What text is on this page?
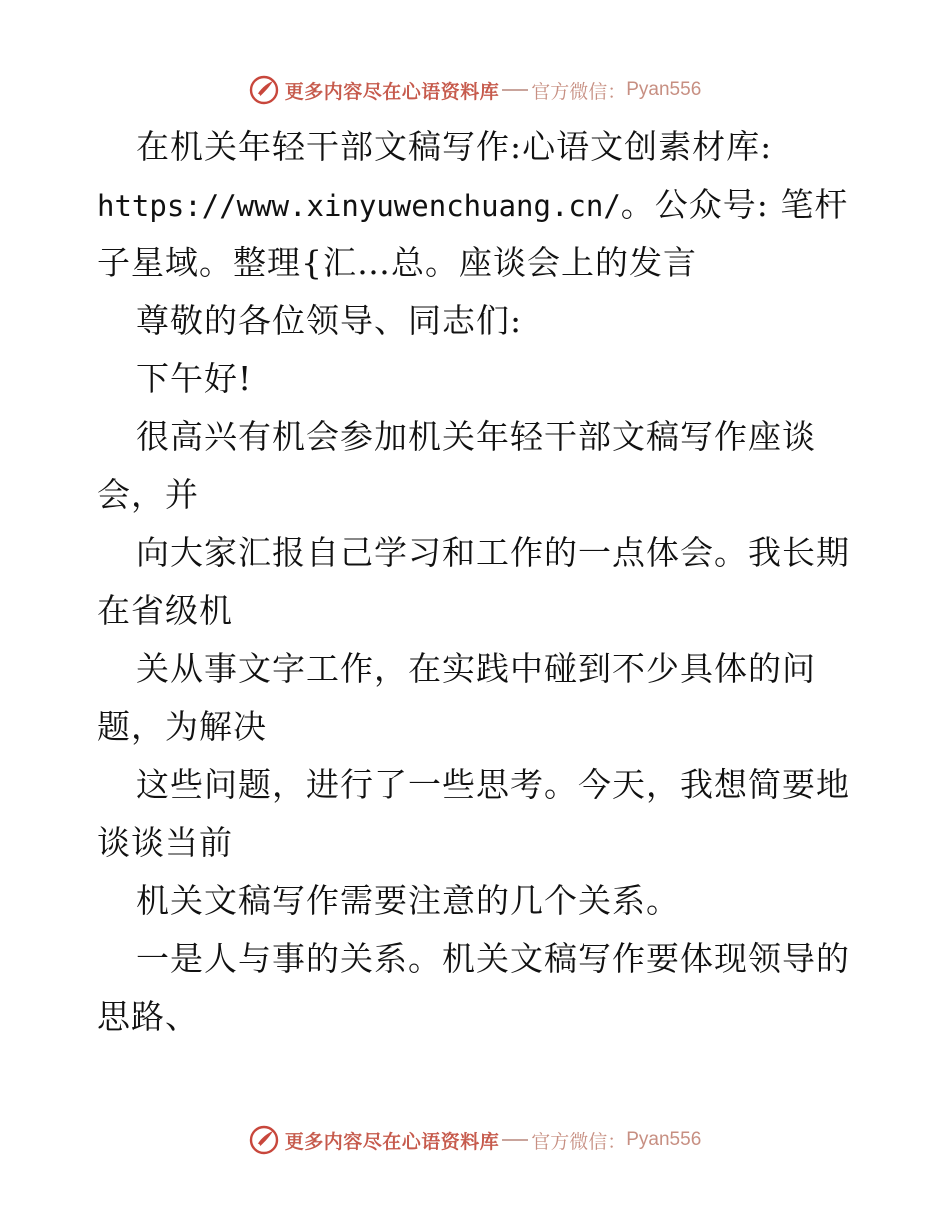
更多内容尽在心语资料库 官方微信： Pyan556
在机关年轻干部文稿写作:心语文创素材库:
https://www.xinyuwenchuang.cn/。公众号: 笔杆
子星域。整理{汇…总。座谈会上的发言
尊敬的各位领导、同志们:
下午好!
很高兴有机会参加机关年轻干部文稿写作座谈
会，并
向大家汇报自己学习和工作的一点体会。我长期
在省级机
关从事文字工作，在实践中碰到不少具体的问
题，为解决
这些问题，进行了一些思考。今天，我想简要地
谈谈当前
机关文稿写作需要注意的几个关系。
一是人与事的关系。机关文稿写作要体现领导的
思路、
更多内容尽在心语资料库 官方微信： Pyan556
